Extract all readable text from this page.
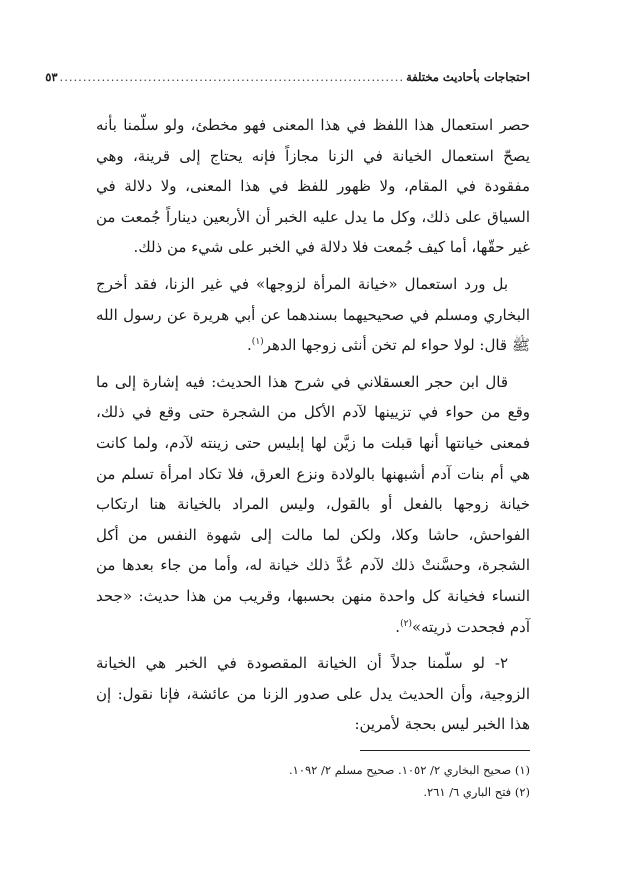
احتجاجات بأحاديث مختلفة
..........................................................................
٥٣

حصر استعمال هذا اللفظ في هذا المعنى فهو مخطئ، ولو سلّمنا بأنه يصحّ استعمال الخيانة في الزنا مجازاً فإنه يحتاج إلى قرينة، وهي مفقودة في المقام، ولا ظهور للفظ في هذا المعنى، ولا دلالة في السياق على ذلك، وكل ما يدل عليه الخبر أن الأربعين ديناراً جُمعت من غير حقّها، أما كيف جُمعت فلا دلالة في الخبر على شيء من ذلك.

بل ورد استعمال «خيانة المرأة لزوجها» في غير الزنا، فقد أخرج البخاري ومسلم في صحيحيهما بسندهما عن أبي هريرة عن رسول الله ﷺ قال: لولا حواء لم تخن أنثى زوجها الدهر$^{(١)}$.

قال ابن حجر العسقلاني في شرح هذا الحديث: فيه إشارة إلى ما وقع من حواء في تزيينها لآدم الأكل من الشجرة حتى وقع في ذلك، فمعنى خيانتها أنها قبلت ما زيَّن لها إبليس حتى زينته لآدم، ولما كانت هي أم بنات آدم أشبهنها بالولادة ونزع العرق، فلا تكاد امرأة تسلم من خيانة زوجها بالفعل أو بالقول، وليس المراد بالخيانة هنا ارتكاب الفواحش، حاشا وكلا، ولكن لما مالت إلى شهوة النفس من أكل الشجرة، وحسَّنتْ ذلك لآدم عُدَّ ذلك خيانة له، وأما من جاء بعدها من النساء فخيانة كل واحدة منهن بحسبها، وقريب من هذا حديث: «جحد آدم فجحدت ذريته»$^{(٢)}$.

٢- لو سلّمنا جدلاً أن الخيانة المقصودة في الخبر هي الخيانة الزوجية، وأن الحديث يدل على صدور الزنا من عائشة، فإنا نقول: إن هذا الخبر ليس بحجة لأمرين:

(١) صحيح البخاري ٢/ ١٠٥٢. صحيح مسلم ٢/ ١٠٩٢.

(٢) فتح الباري ٦/ ٢٦١.
